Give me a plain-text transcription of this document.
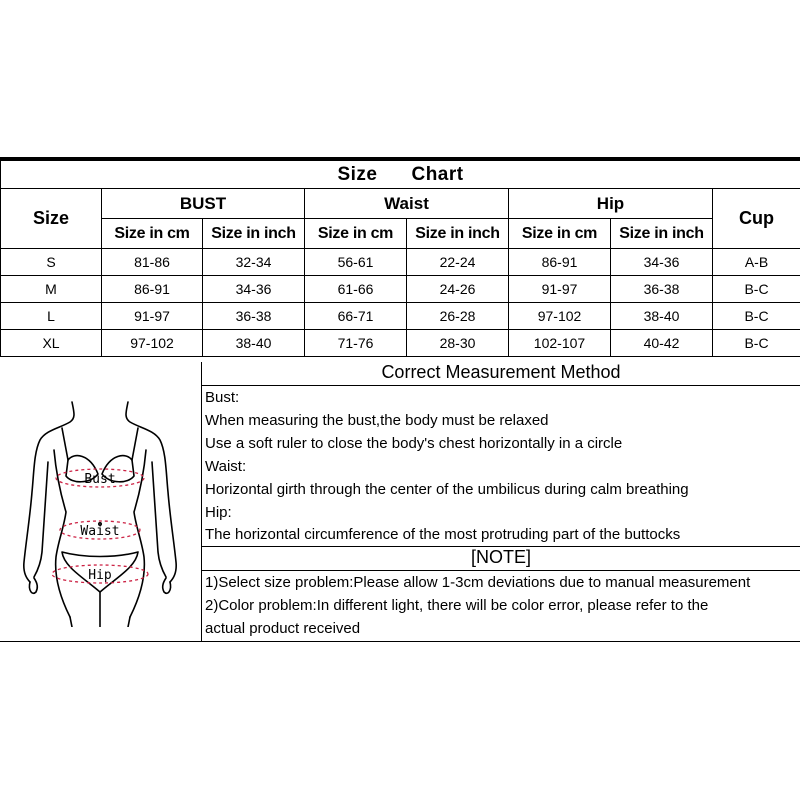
Size Chart							
Size	BUST		Waist		Hip		Cup
	Size in cm	Size in inch	Size in cm	Size in inch	Size in cm	Size in inch	
S	81-86	32-34	56-61	22-24	86-91	34-36	A-B
M	86-91	34-36	61-66	24-26	91-97	36-38	B-C
L	91-97	36-38	66-71	26-28	97-102	38-40	B-C
XL	97-102	38-40	71-76	28-30	102-107	40-42	B-C
Bust
Waist
Hip
Correct Measurement Method
Bust:
When measuring the bust,the body must be relaxed
Use a soft ruler to close the body's chest horizontally in a circle
Waist:
Horizontal girth through the center of the umbilicus during calm breathing
Hip:
The horizontal circumference of the most protruding part of the buttocks
[NOTE]
1)Select size problem:Please allow 1-3cm deviations due to manual measurement
2)Color problem:In different light, there will be color error, please refer to the
actual product received
